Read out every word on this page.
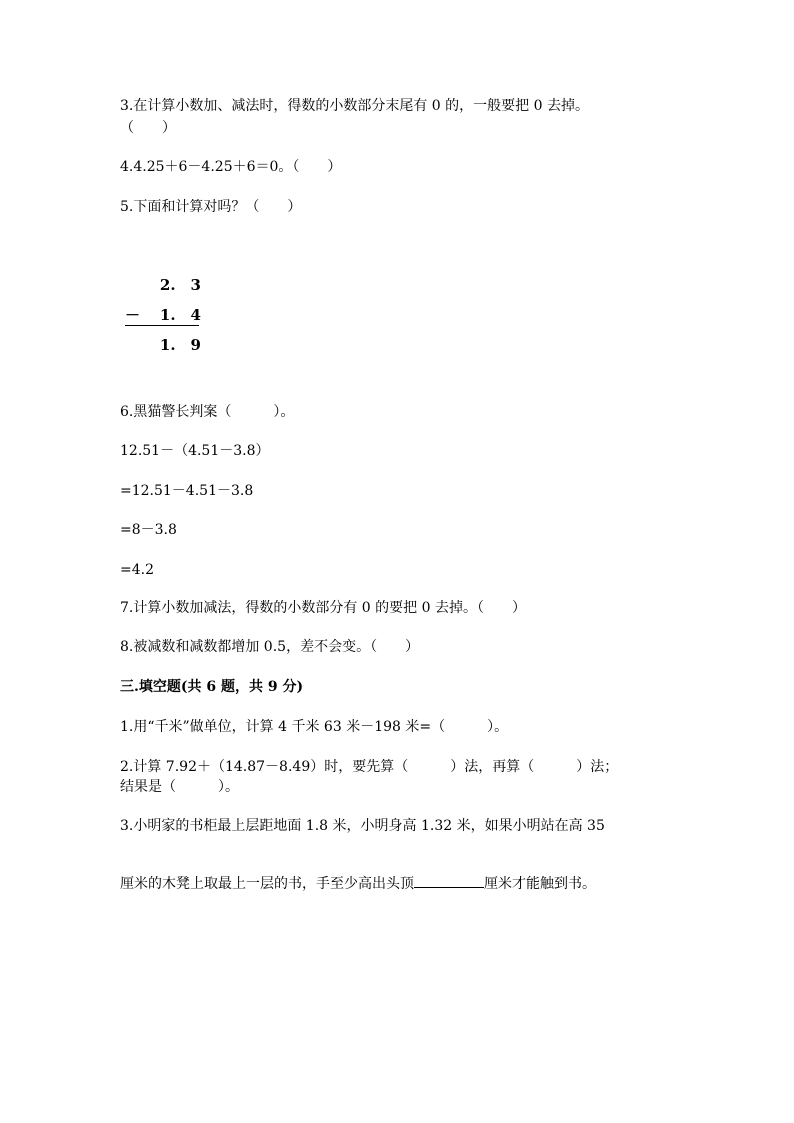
3.在计算小数加、减法时，得数的小数部分末尾有 0 的，一般要把 0 去掉。
（　　）
4.4.25＋6－4.25＋6＝0。（　　）
5.下面和计算对吗？（　　）
2.　3
－	1.　4
1.　9
6.黑猫警长判案（　　　）。
12.51－（4.51－3.8）
=12.51－4.51－3.8
=8－3.8
=4.2
7.计算小数加减法，得数的小数部分有 0 的要把 0 去掉。（　　）
8.被减数和减数都增加 0.5，差不会变。（　　）
三.填空题(共 6 题，共 9 分)
1.用“千米”做单位，计算 4 千米 63 米－198 米=（　　　）。
2.计算 7.92＋（14.87－8.49）时，要先算（　　　）法，再算（　　　）法；
结果是（　　　）。
3.小明家的书柜最上层距地面 1.8 米，小明身高 1.32 米，如果小明站在高 35
厘米的木凳上取最上一层的书，手至少高出头顶	厘米才能触到书。
